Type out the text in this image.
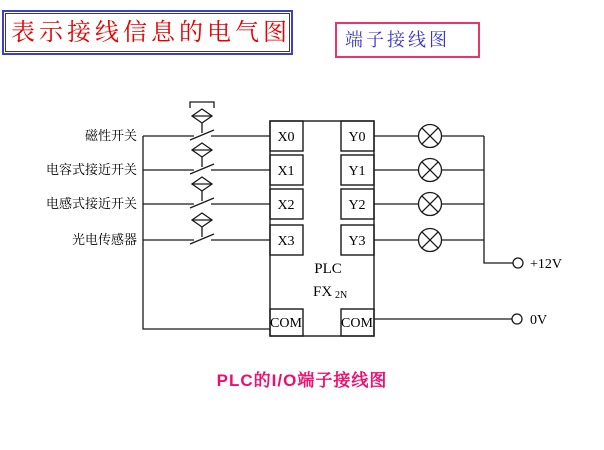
表示接线信息的电气图	端子接线图
磁性开关
电容式接近开关
电感式接近开关
光电传感器
X0
X1
X2
X3
Y0
Y1
Y2
Y3
COM	COM
PLC
FX 2N
+12V
0V
PLC的I/O端子接线图
